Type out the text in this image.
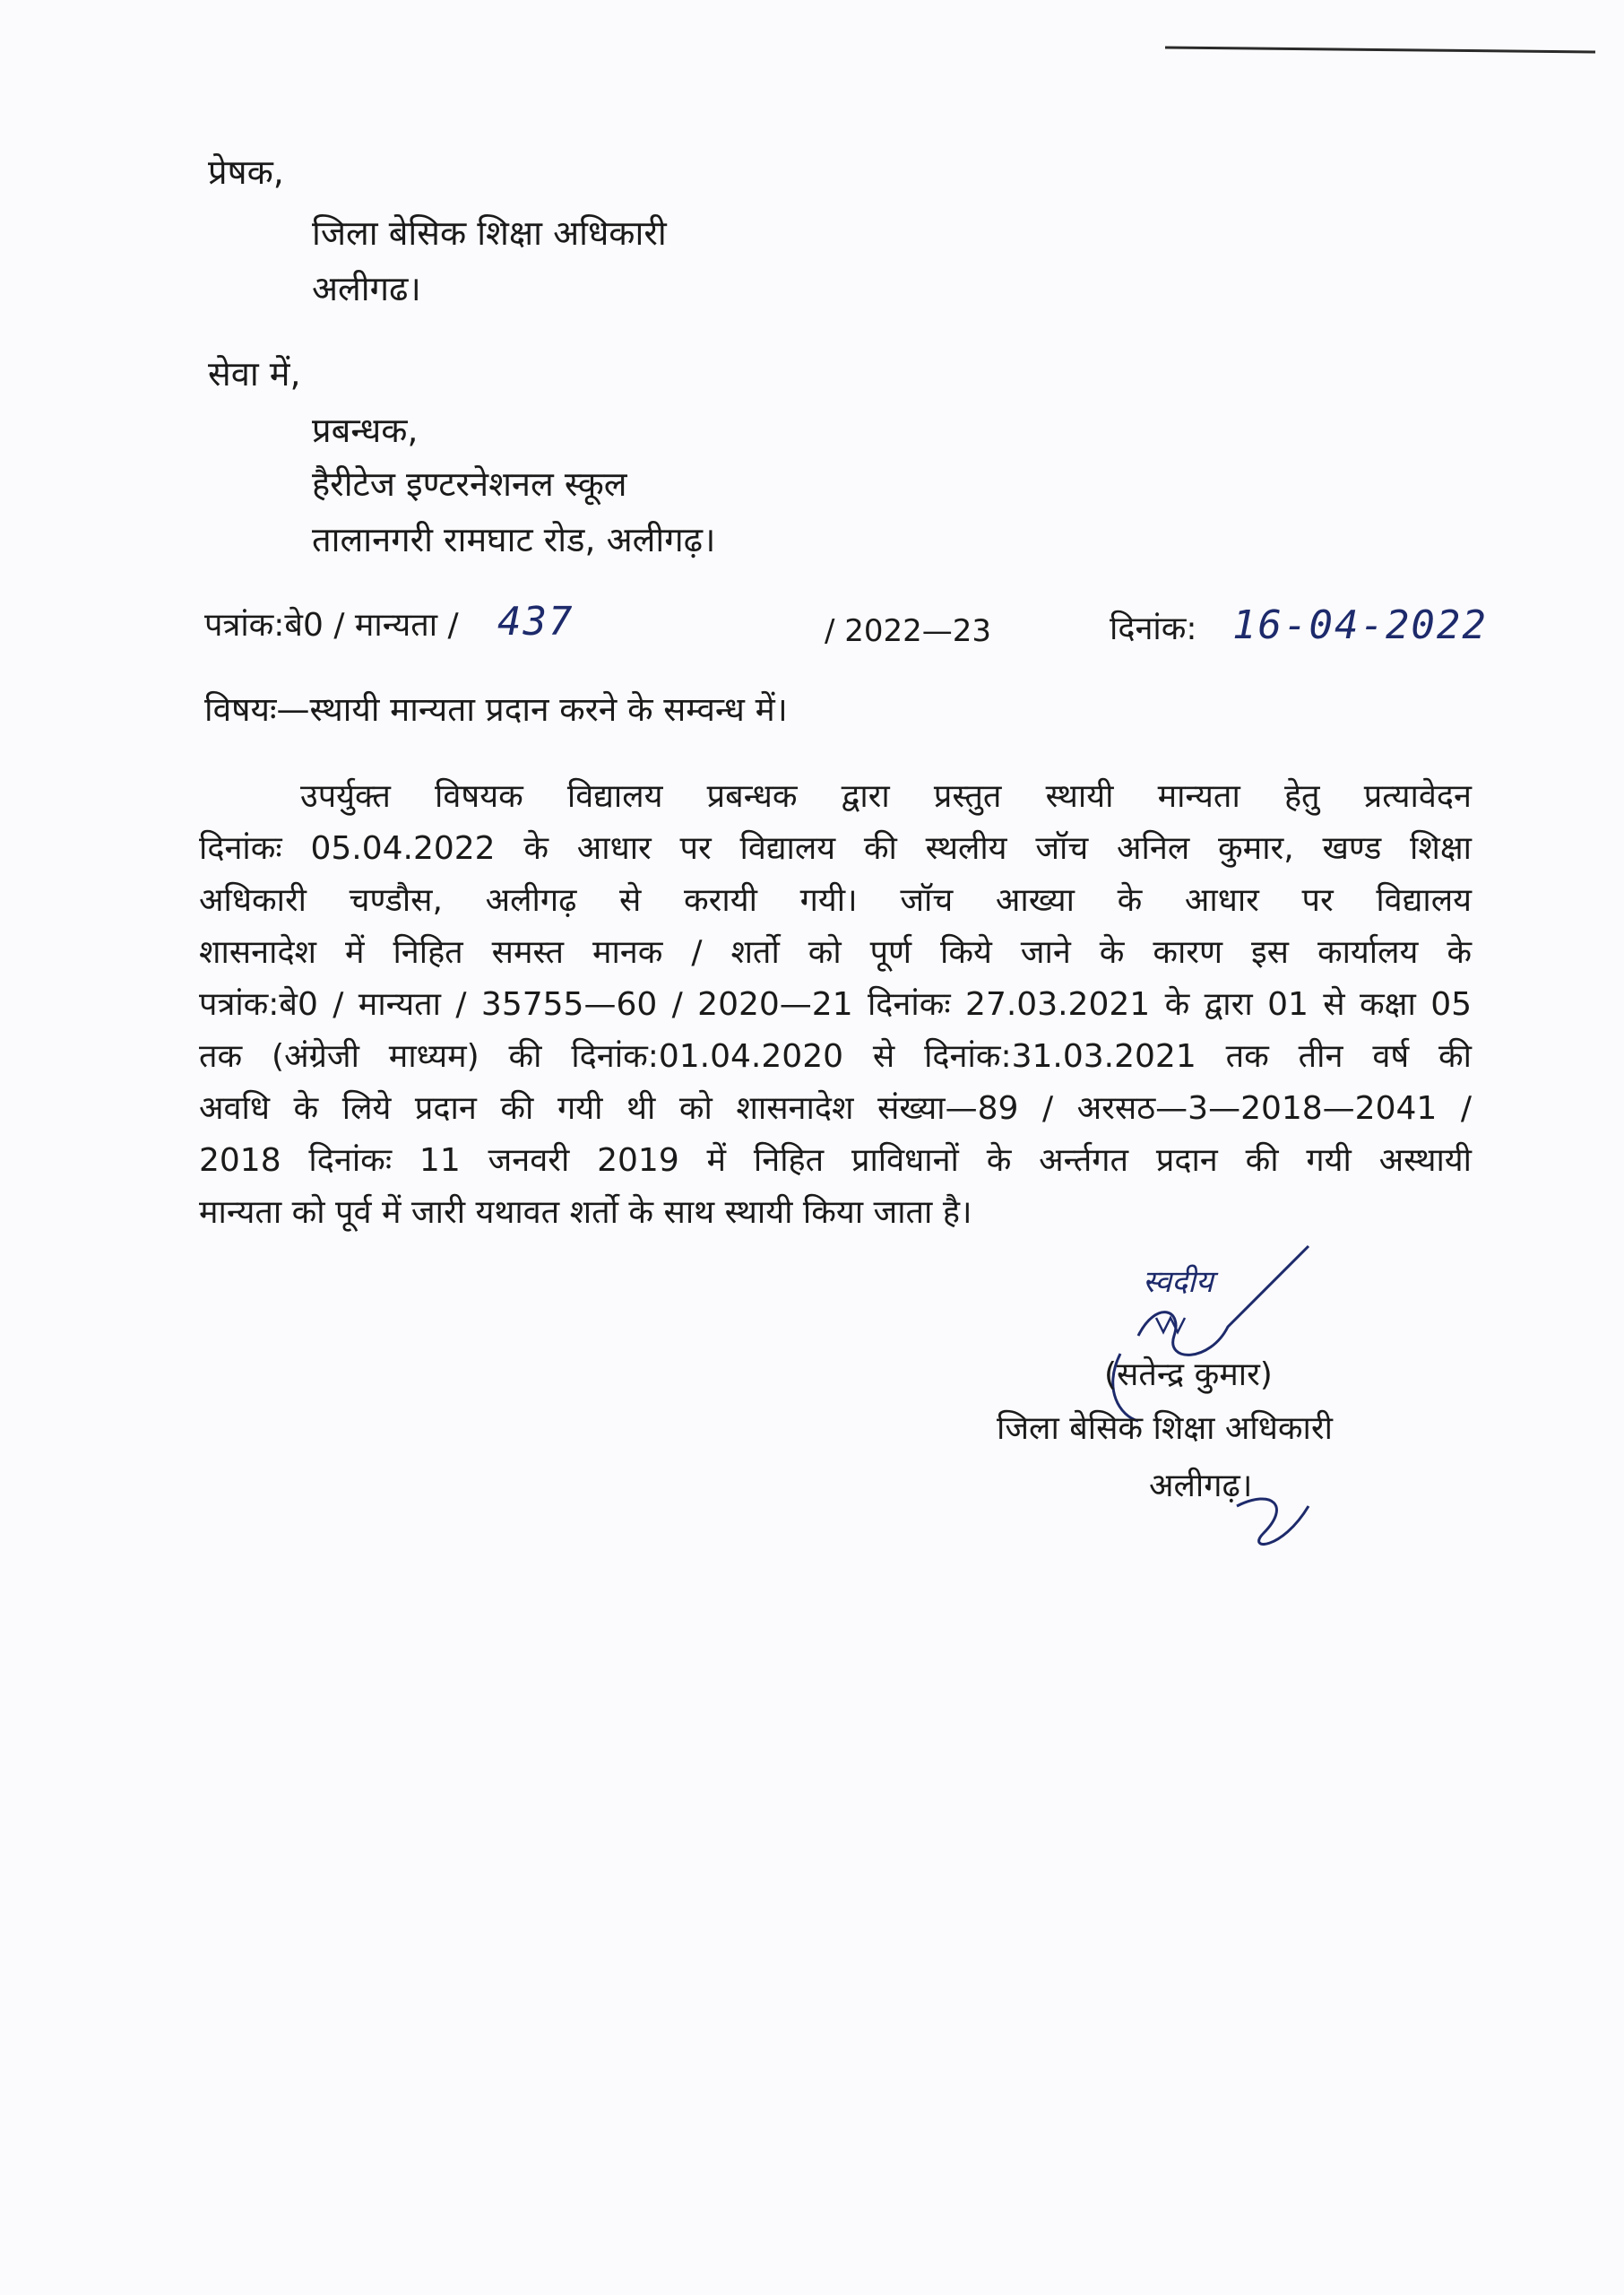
प्रेषक,
जिला बेसिक शिक्षा अधिकारी
अलीगढ।
सेवा में,
प्रबन्धक,
हैरीटेज इण्टरनेशनल स्कूल
तालानगरी रामघाट रोड, अलीगढ़।
पत्रांक:बे0 / मान्यता / 437	/ 2022—23	दिनांक: 16-04-2022
विषयः—स्थायी मान्यता प्रदान करने के सम्वन्ध में।
उपर्युक्त विषयक विद्यालय प्रबन्धक द्वारा प्रस्तुत स्थायी मान्यता हेतु प्रत्यावेदन
दिनांकः 05.04.2022 के आधार पर विद्यालय की स्थलीय जॉच अनिल कुमार, खण्ड शिक्षा
अधिकारी चण्डौस, अलीगढ़ से करायी गयी। जॉच आख्या के आधार पर विद्यालय
शासनादेश में निहित समस्त मानक / शर्तो को पूर्ण किये जाने के कारण इस कार्यालय के
पत्रांक:बे0 / मान्यता / 35755—60 / 2020—21 दिनांकः 27.03.2021 के द्वारा 01 से कक्षा 05
तक (अंग्रेजी माध्यम) की दिनांक:01.04.2020 से दिनांक:31.03.2021 तक तीन वर्ष की
अवधि के लिये प्रदान की गयी थी को शासनादेश संख्या—89 / अरसठ—3—2018—2041 /
2018 दिनांकः 11 जनवरी 2019 में निहित प्राविधानों के अर्न्तगत प्रदान की गयी अस्थायी
मान्यता को पूर्व में जारी यथावत शर्तो के साथ स्थायी किया जाता है।
स्वदीय
(सतेन्द्र कुमार)
जिला बेसिक शिक्षा अधिकारी
अलीगढ़।
